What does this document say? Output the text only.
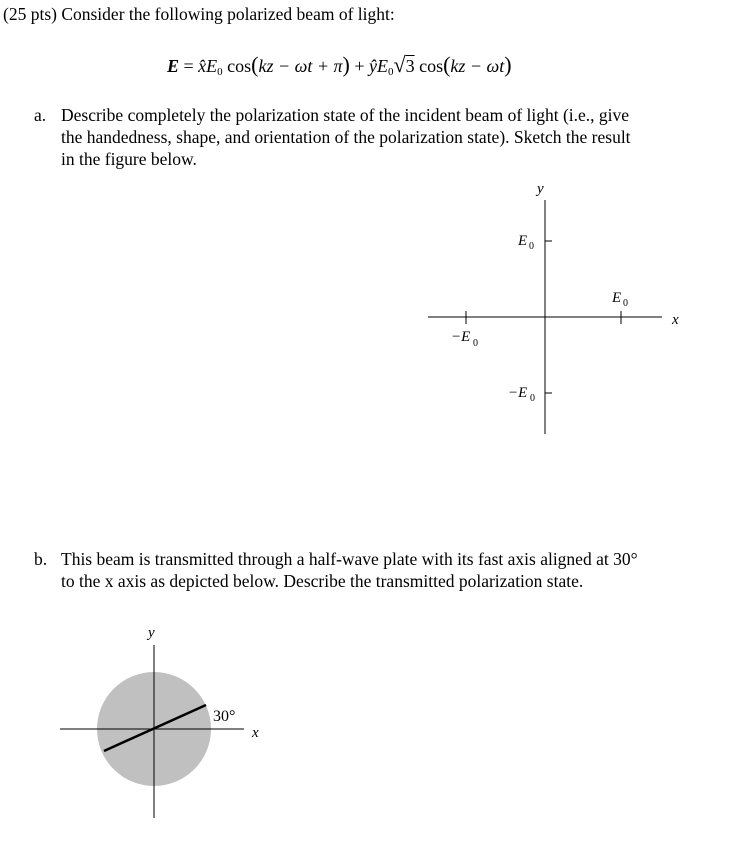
(25 pts) Consider the following polarized beam of light:
$E = x̂E_0$ $\cos(kz - \omega t + \pi) + ŷE_0√3$ cos(kz − ωt)
a. Describe completely the polarization state of the incident beam of light (i.e., give
the handedness, shape, and orientation of the polarization state). Sketch the result
in the figure below.
y
x
E 0
E 0
−E 0
−E 0
b. This beam is transmitted through a half-wave plate with its fast axis aligned at 30°
to the x axis as depicted below. Describe the transmitted polarization state.
y
x
30°
